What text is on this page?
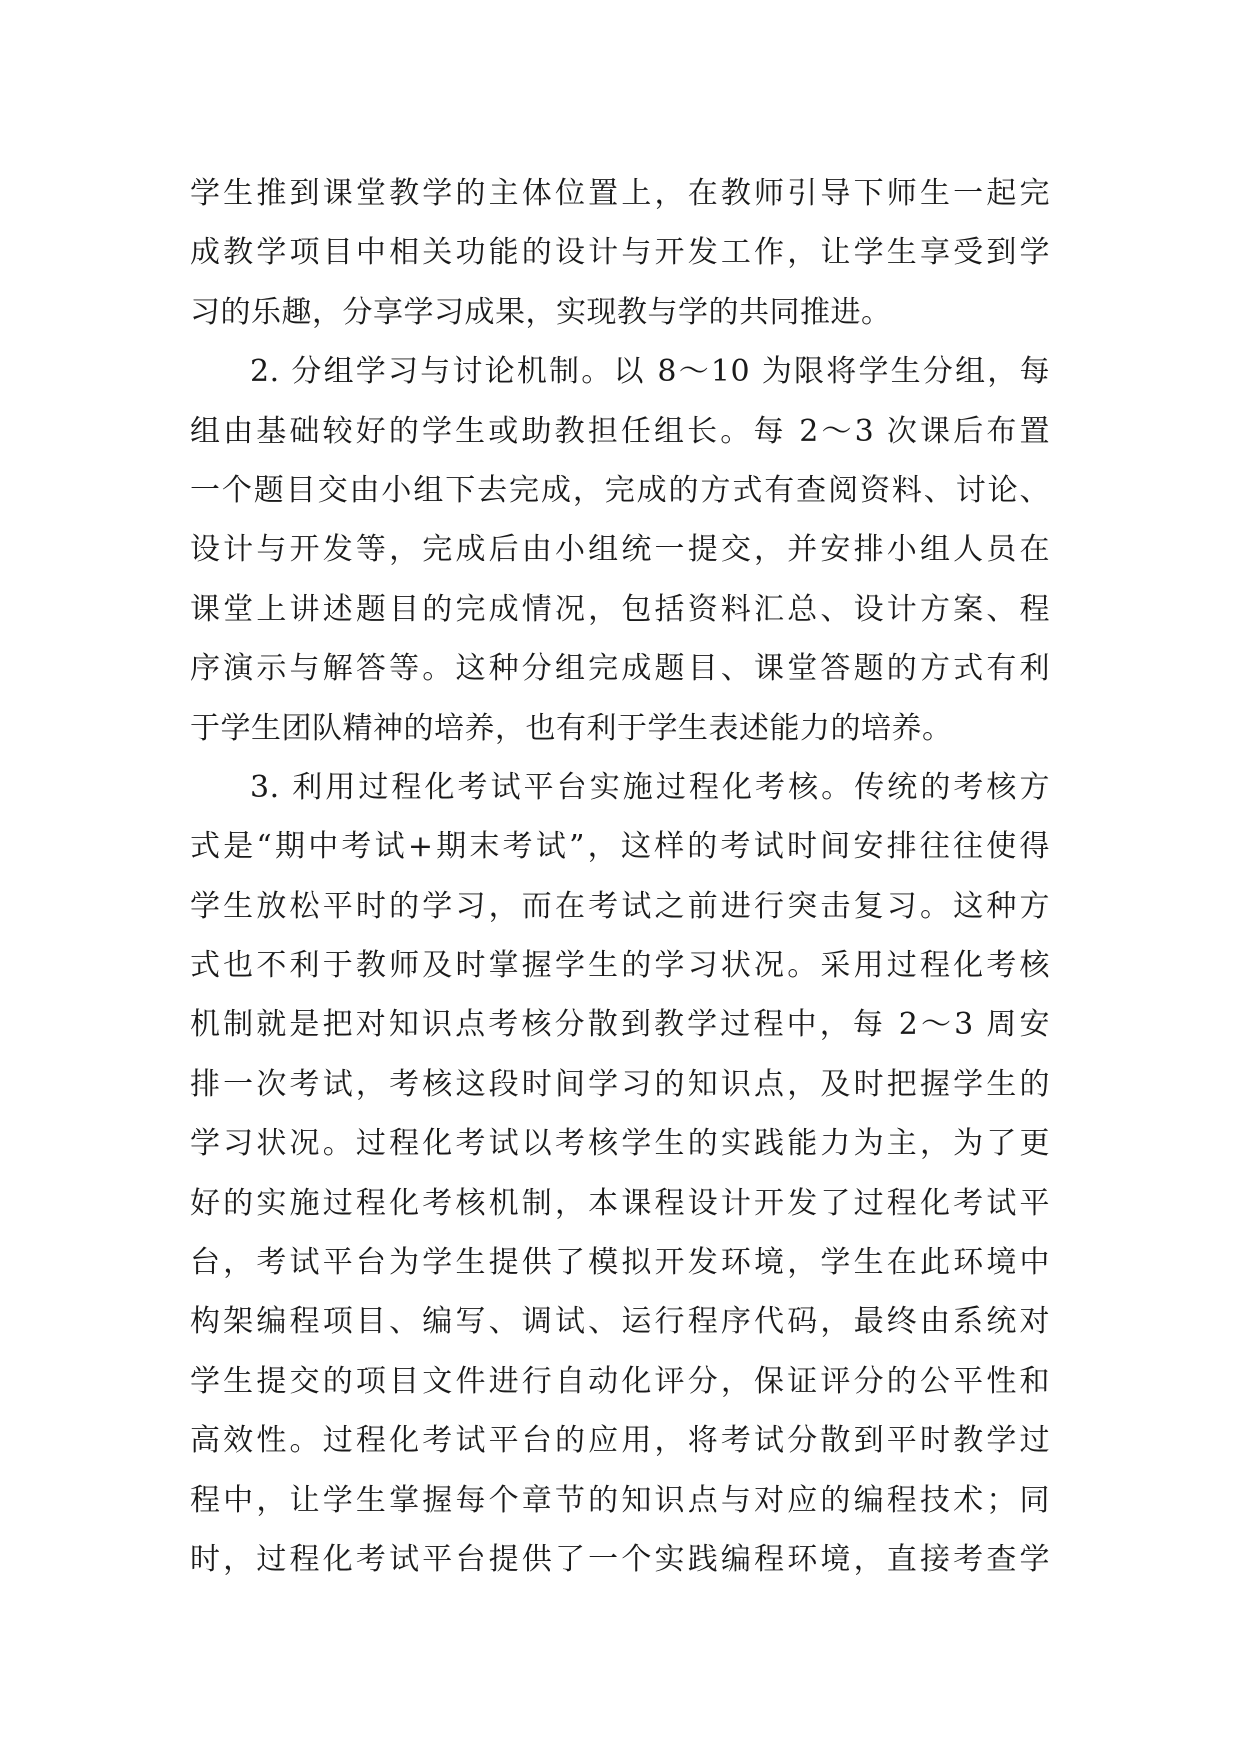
学生推到课堂教学的主体位置上，在教师引导下师生一起完
成教学项目中相关功能的设计与开发工作，让学生享受到学
习的乐趣，分享学习成果，实现教与学的共同推进。
2. 分组学习与讨论机制。以 8～10 为限将学生分组，每
组由基础较好的学生或助教担任组长。每 2～3 次课后布置
一个题目交由小组下去完成，完成的方式有查阅资料、讨论、
设计与开发等，完成后由小组统一提交，并安排小组人员在
课堂上讲述题目的完成情况，包括资料汇总、设计方案、程
序演示与解答等。这种分组完成题目、课堂答题的方式有利
于学生团队精神的培养，也有利于学生表述能力的培养。
3. 利用过程化考试平台实施过程化考核。传统的考核方
式是“期中考试+期末考试”，这样的考试时间安排往往使得
学生放松平时的学习，而在考试之前进行突击复习。这种方
式也不利于教师及时掌握学生的学习状况。采用过程化考核
机制就是把对知识点考核分散到教学过程中，每 2～3 周安
排一次考试，考核这段时间学习的知识点，及时把握学生的
学习状况。过程化考试以考核学生的实践能力为主，为了更
好的实施过程化考核机制，本课程设计开发了过程化考试平
台，考试平台为学生提供了模拟开发环境，学生在此环境中
构架编程项目、编写、调试、运行程序代码，最终由系统对
学生提交的项目文件进行自动化评分，保证评分的公平性和
高效性。过程化考试平台的应用，将考试分散到平时教学过
程中，让学生掌握每个章节的知识点与对应的编程技术；同
时，过程化考试平台提供了一个实践编程环境，直接考查学
